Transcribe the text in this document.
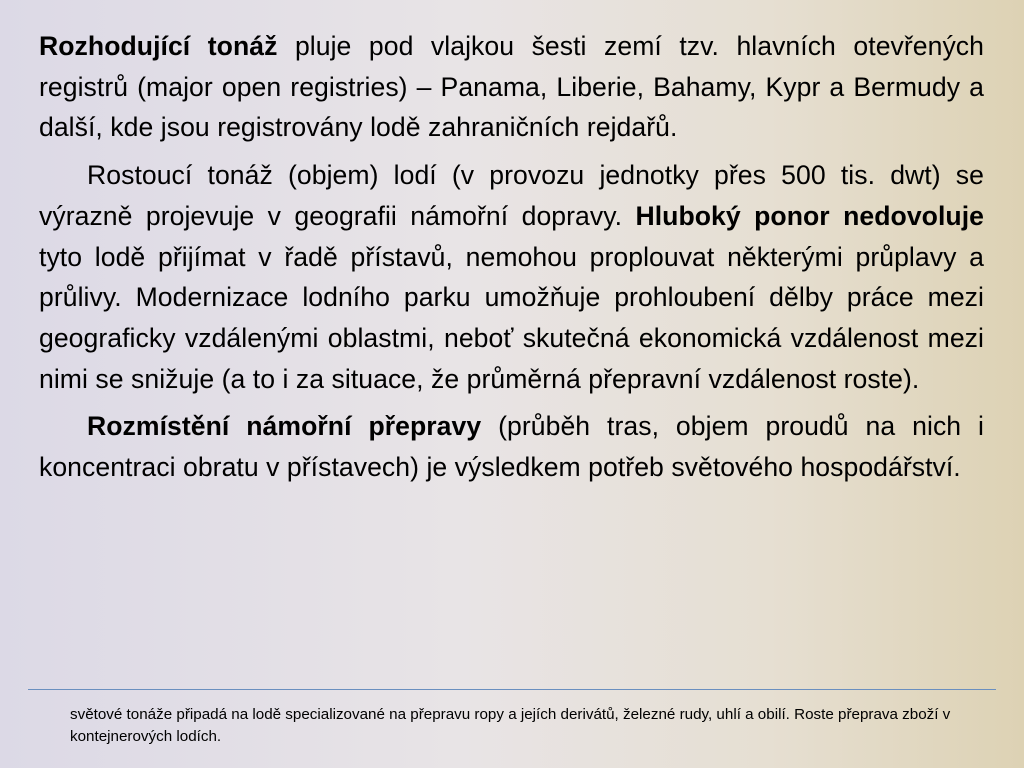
Rozhodující tonáž pluje pod vlajkou šesti zemí tzv. hlavních otevřených registrů (major open registries) – Panama, Liberie, Bahamy, Kypr a Bermudy a další, kde jsou registrovány lodě zahraničních rejdařů.

Rostoucí tonáž (objem) lodí (v provozu jednotky přes 500 tis. dwt) se výrazně projevuje v geografii námořní dopravy. Hluboký ponor nedovoluje tyto lodě přijímat v řadě přístavů, nemohou proplouvat některými průplavy a průlivy. Modernizace lodního parku umožňuje prohloubení dělby práce mezi geograficky vzdálenými oblastmi, neboť skutečná ekonomická vzdálenost mezi nimi se snižuje (a to i za situace, že průměrná přepravní vzdálenost roste).

Rozmístění námořní přepravy (průběh tras, objem proudů na nich i koncentraci obratu v přístavech) je výsledkem potřeb světového hospodářství.

světové tonáže připadá na lodě specializované na přepravu ropy a jejích derivátů, železné rudy, uhlí a obilí. Roste přeprava zboží v kontejnerových lodích.
